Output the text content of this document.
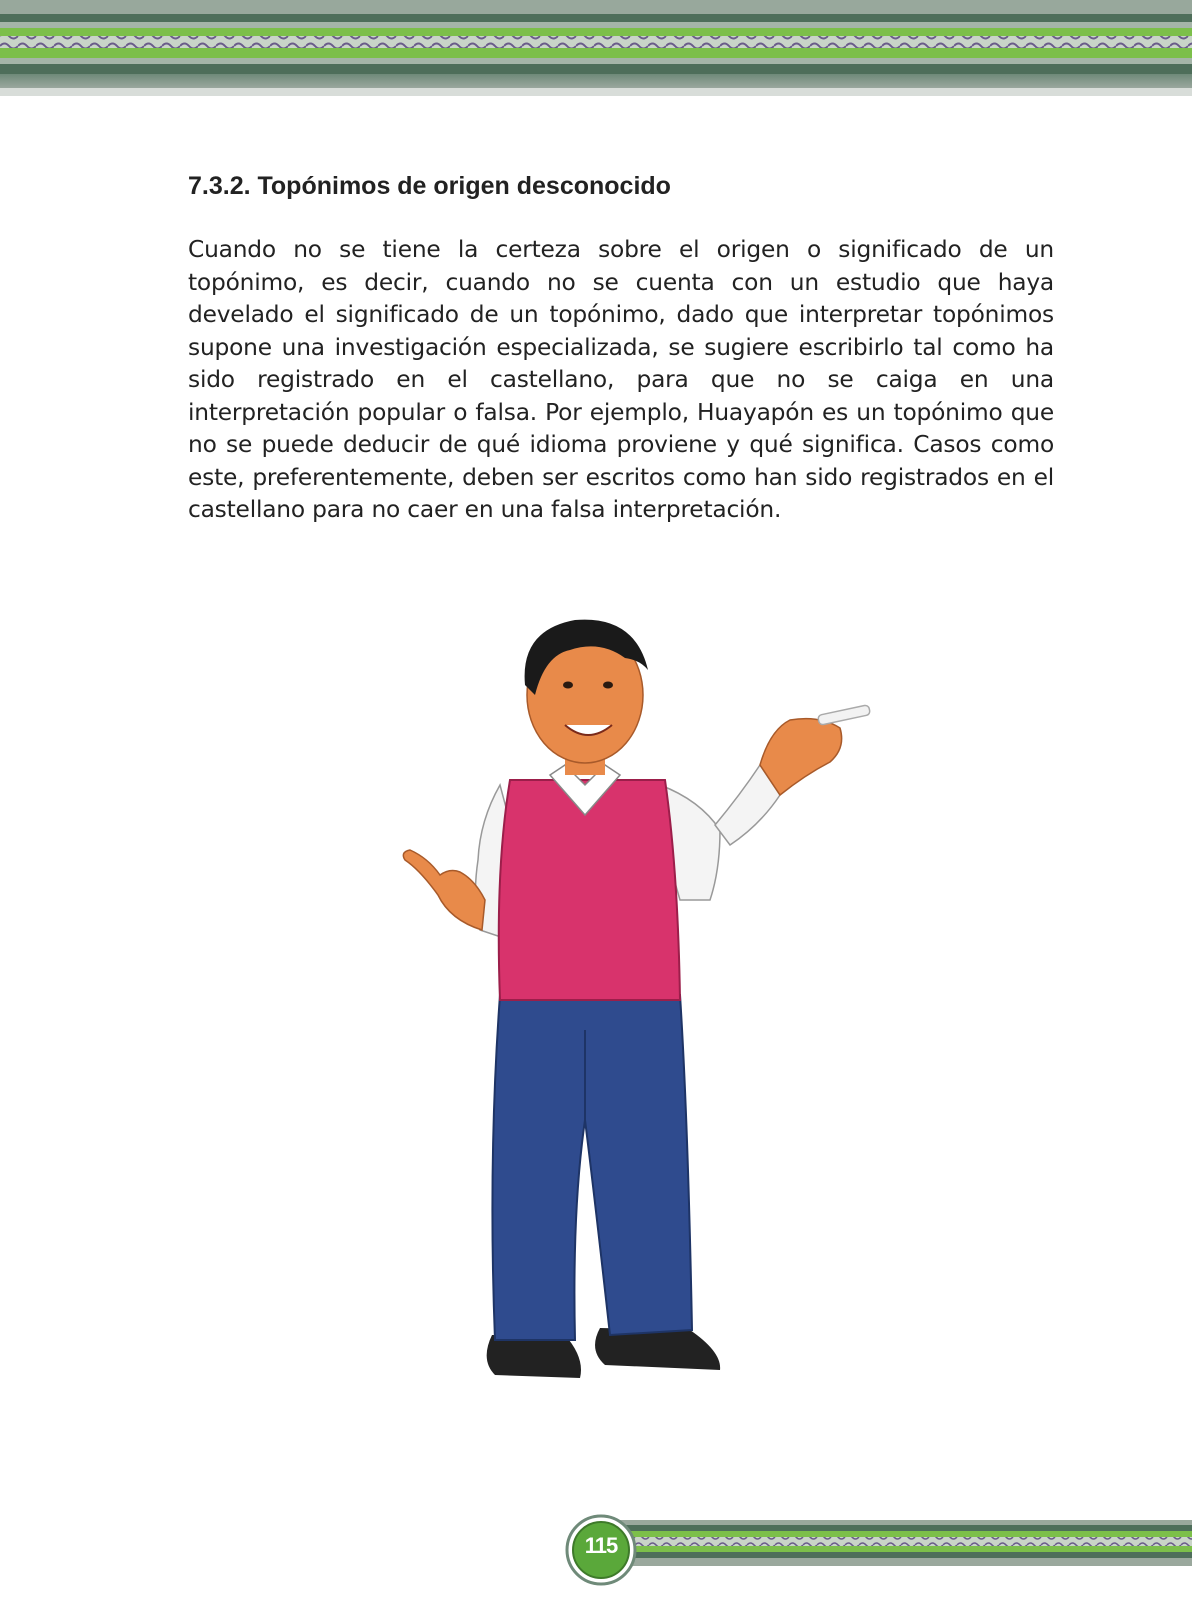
7.3.2. Topónimos de origen desconocido

Cuando no se tiene la certeza sobre el origen o significado de un topónimo, es decir, cuando no se cuenta con un estudio que haya develado el significado de un topónimo, dado que interpretar topónimos supone una investigación especializada, se sugiere escribirlo tal como ha sido registrado en el castellano, para que no se caiga en una interpretación popular o falsa. Por ejemplo, Huayapón es un topónimo que no se puede deducir de qué idioma proviene y qué significa. Casos como este, preferentemente, deben ser escritos como han sido registrados en el castellano para no caer en una falsa interpretación.

115
